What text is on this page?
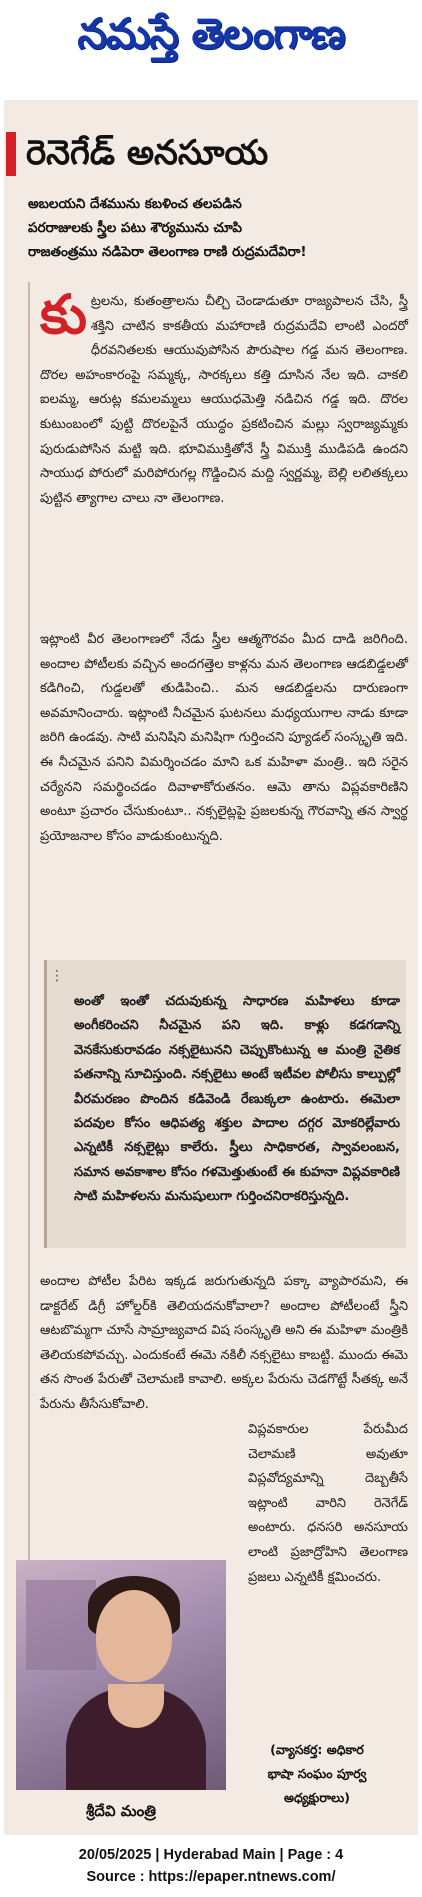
నమస్తే తెలంగాణ
రెనెగేడ్ అనసూయ
అబలయని దేశమును కబళించ తలపడిన
పరరాజులకు స్త్రీల పటు శౌర్యమును చూపి
రాజతంత్రము నడిపెరా తెలంగాణ రాణి రుద్రమదేవిరా!
కు ట్రలను, కుతంత్రాలను చీల్చి చెండాడుతూ రాజ్యపాలన చేసి, స్త్రీ శక్తిని చాటిన కాకతీయ మహారాణి రుద్రమదేవి లాంటి ఎందరో ధీరవనితలకు ఆయువుపోసిన పౌరుషాల గడ్డ మన తెలంగాణ. దొరల అహంకారంపై సమ్మక్క, సారక్కలు కత్తి దూసిన నేల ఇది. చాకలి ఐలమ్మ, ఆరుట్ల కమలమ్మలు ఆయుధమెత్తి నడిచిన గడ్డ ఇది. దొరల కుటుంబంలో పుట్టి దొరలపైనే యుద్ధం ప్రకటించిన మల్లు స్వరాజ్యమ్మకు పురుడుపోసిన మట్టి ఇది. భూవిముక్తితోనే స్త్రీ విముక్తి ముడిపడి ఉందని సాయుధ పోరులో మరిపోరుగల్ల గొడ్డించిన మద్ది స్వర్ణమ్మ, బెల్లి లలితక్కలు పుట్టిన త్యాగాల చాలు నా తెలంగాణ.
ఇట్లాంటి వీర తెలంగాణలో నేడు స్త్రీల ఆత్మగౌరవం మీద దాడి జరిగింది. అందాల పోటీలకు వచ్చిన అందగత్తెల కాళ్లను మన తెలంగాణ ఆడబిడ్డలతో కడిగించి, గుడ్డలతో తుడిపించి.. మన ఆడబిడ్డలను దారుణంగా అవమానించారు. ఇట్లాంటి నీచమైన ఘటనలు మధ్యయుగాల నాడు కూడా జరిగి ఉండవు. సాటి మనిషిని మనిషిగా గుర్తించని ప్యూడల్ సంస్కృతి ఇది. ఈ నీచమైన పనిని విమర్శించడం మాని ఒక మహిళా మంత్రి.. ఇది సరైన చర్యేనని సమర్థించడం దివాళాకోరుతనం. ఆమె తాను విప్లవకారిణిని అంటూ ప్రచారం చేసుకుంటూ.. నక్సలైట్లపై ప్రజలకున్న గౌరవాన్ని తన స్వార్థ ప్రయోజనాల కోసం వాడుకుంటున్నది.
⋮
అంతో ఇంతో చదువుకున్న సాధారణ మహిళలు కూడా అంగీకరించని నీచమైన పని ఇది. కాళ్లు కడగడాన్ని వెనకేసుకురావడం నక్సలైటునని చెప్పుకొంటున్న ఆ మంత్రి నైతిక పతనాన్ని సూచిస్తుంది. నక్సలైటు అంటే ఇటీవల పోలీసు కాల్పుల్లో వీరమరణం పొందిన కడివెండి రేణుక్కలా ఉంటారు. ఈమెలా పదవుల కోసం ఆధిపత్య శక్తుల పాదాల దగ్గర మోకరిల్లేవారు ఎన్నటికీ నక్సలైట్లు కాలేరు. స్త్రీలు సాధికారత, స్వావలంబన, సమాన అవకాశాల కోసం గళమెత్తుతుంటే ఈ కుహనా విప్లవకారిణి సాటి మహిళలను మనుషులుగా గుర్తించనిరాకరిస్తున్నది.
అందాల పోటీల పేరిట ఇక్కడ జరుగుతున్నది పక్కా వ్యాపారమని, ఈ డాక్టరేట్ డిగ్రీ హోల్డర్‌కి తెలియదనుకోవాలా? అందాల పోటీలంటే స్త్రీని ఆటబొమ్మగా చూసే సామ్రాజ్యవాద విష సంస్కృతి అని ఈ మహిళా మంత్రికి తెలియకపోవచ్చు. ఎందుకంటే ఈమె నకిలీ నక్సలైటు కాబట్టి. ముందు ఈమె తన సొంత పేరుతో చెలామణి కావాలి. అక్కల పేరును చెడగొట్టే సీతక్క అనే పేరును తీసేసుకోవాలి.
విప్లవకారుల పేరుమీద చెలామణి అవుతూ విప్లవోద్యమాన్ని దెబ్బతీసే ఇట్లాంటి వారిని రెనెగేడ్ అంటారు. ధనసరి అనసూయ లాంటి ప్రజాద్రోహిని తెలంగాణ ప్రజలు ఎన్నటికీ క్షమించరు.
శ్రీదేవి మంత్రి
(వ్యాసకర్త: అధికార
భాషా సంఘం పూర్వ
అధ్యక్షురాలు)
20/05/2025 | Hyderabad Main | Page : 4
Source : https://epaper.ntnews.com/
